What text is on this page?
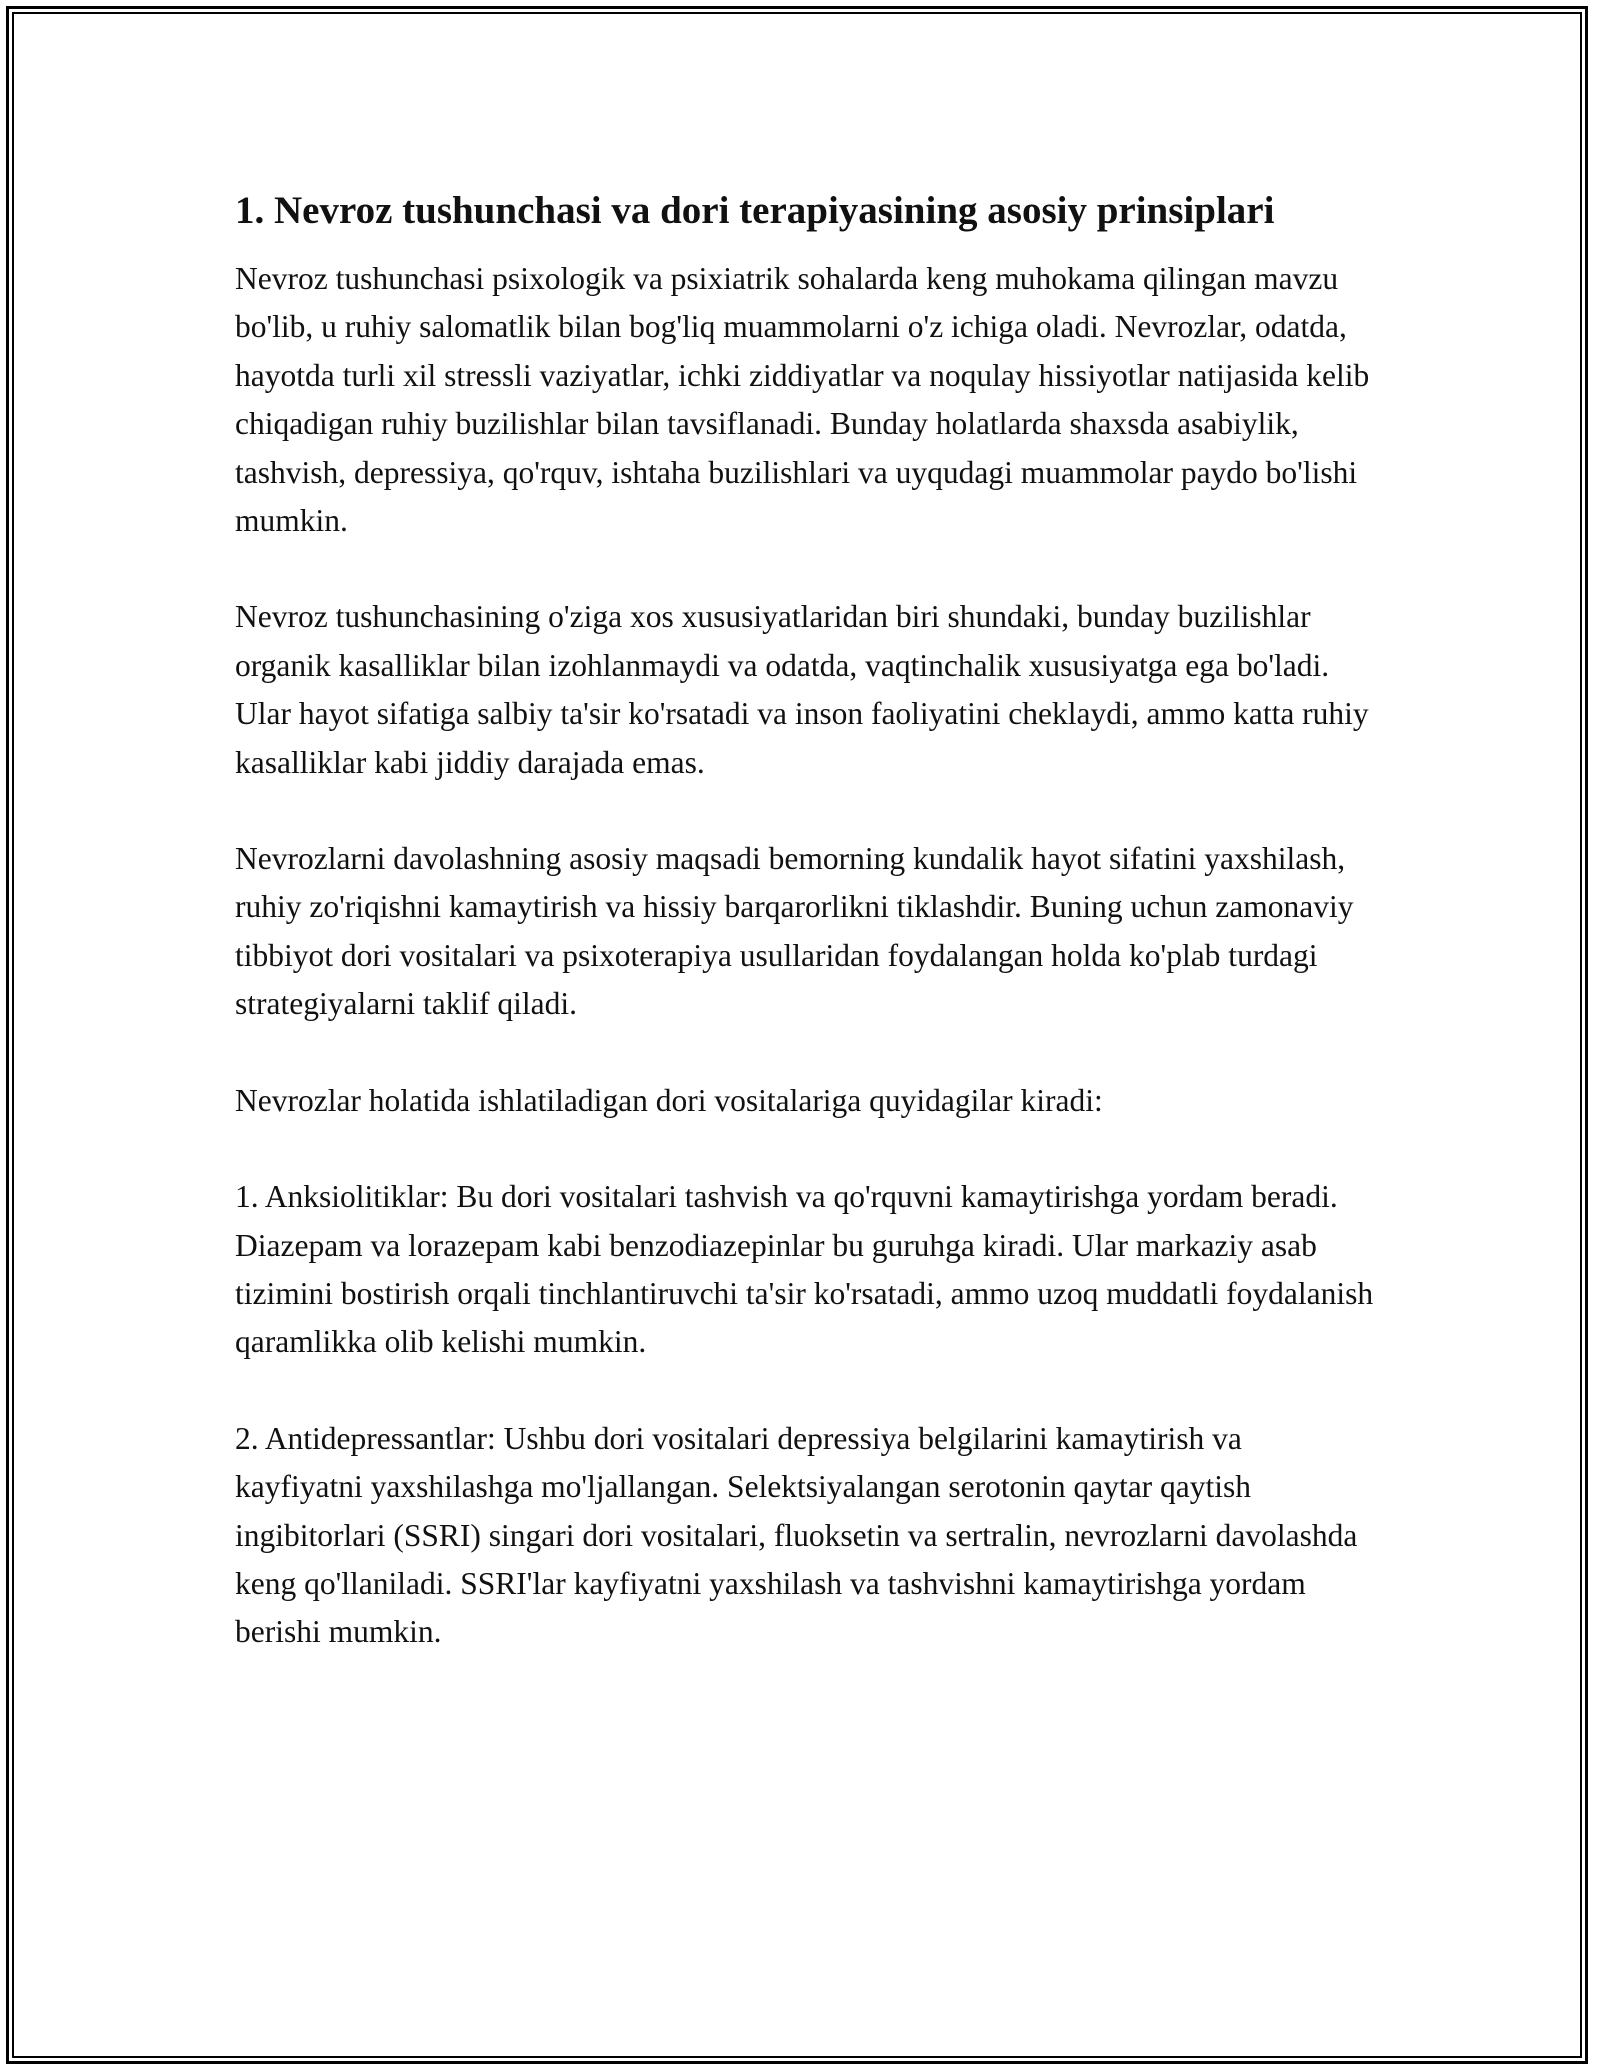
1. Nevroz tushunchasi va dori terapiyasining asosiy prinsiplari

Nevroz tushunchasi psixologik va psixiatrik sohalarda keng muhokama qilingan mavzu bo'lib, u ruhiy salomatlik bilan bog'liq muammolarni o'z ichiga oladi. Nevrozlar, odatda, hayotda turli xil stressli vaziyatlar, ichki ziddiyatlar va noqulay hissiyotlar natijasida kelib chiqadigan ruhiy buzilishlar bilan tavsiflanadi. Bunday holatlarda shaxsda asabiylik, tashvish, depressiya, qo'rquv, ishtaha buzilishlari va uyqudagi muammolar paydo bo'lishi mumkin.

Nevroz tushunchasining o'ziga xos xususiyatlaridan biri shundaki, bunday buzilishlar organik kasalliklar bilan izohlanmaydi va odatda, vaqtinchalik xususiyatga ega bo'ladi. Ular hayot sifatiga salbiy ta'sir ko'rsatadi va inson faoliyatini cheklaydi, ammo katta ruhiy kasalliklar kabi jiddiy darajada emas.

Nevrozlarni davolashning asosiy maqsadi bemorning kundalik hayot sifatini yaxshilash, ruhiy zo'riqishni kamaytirish va hissiy barqarorlikni tiklashdir. Buning uchun zamonaviy tibbiyot dori vositalari va psixoterapiya usullaridan foydalangan holda ko'plab turdagi strategiyalarni taklif qiladi.

Nevrozlar holatida ishlatiladigan dori vositalariga quyidagilar kiradi:

1. Anksiolitiklar: Bu dori vositalari tashvish va qo'rquvni kamaytirishga yordam beradi. Diazepam va lorazepam kabi benzodiazepinlar bu guruhga kiradi. Ular markaziy asab tizimini bostirish orqali tinchlantiruvchi ta'sir ko'rsatadi, ammo uzoq muddatli foydalanish qaramlikka olib kelishi mumkin.

2. Antidepressantlar: Ushbu dori vositalari depressiya belgilarini kamaytirish va kayfiyatni yaxshilashga mo'ljallangan. Selektsiyalangan serotonin qaytar qaytish ingibitorlari (SSRI) singari dori vositalari, fluoksetin va sertralin, nevrozlarni davolashda keng qo'llaniladi. SSRI'lar kayfiyatni yaxshilash va tashvishni kamaytirishga yordam berishi mumkin.
